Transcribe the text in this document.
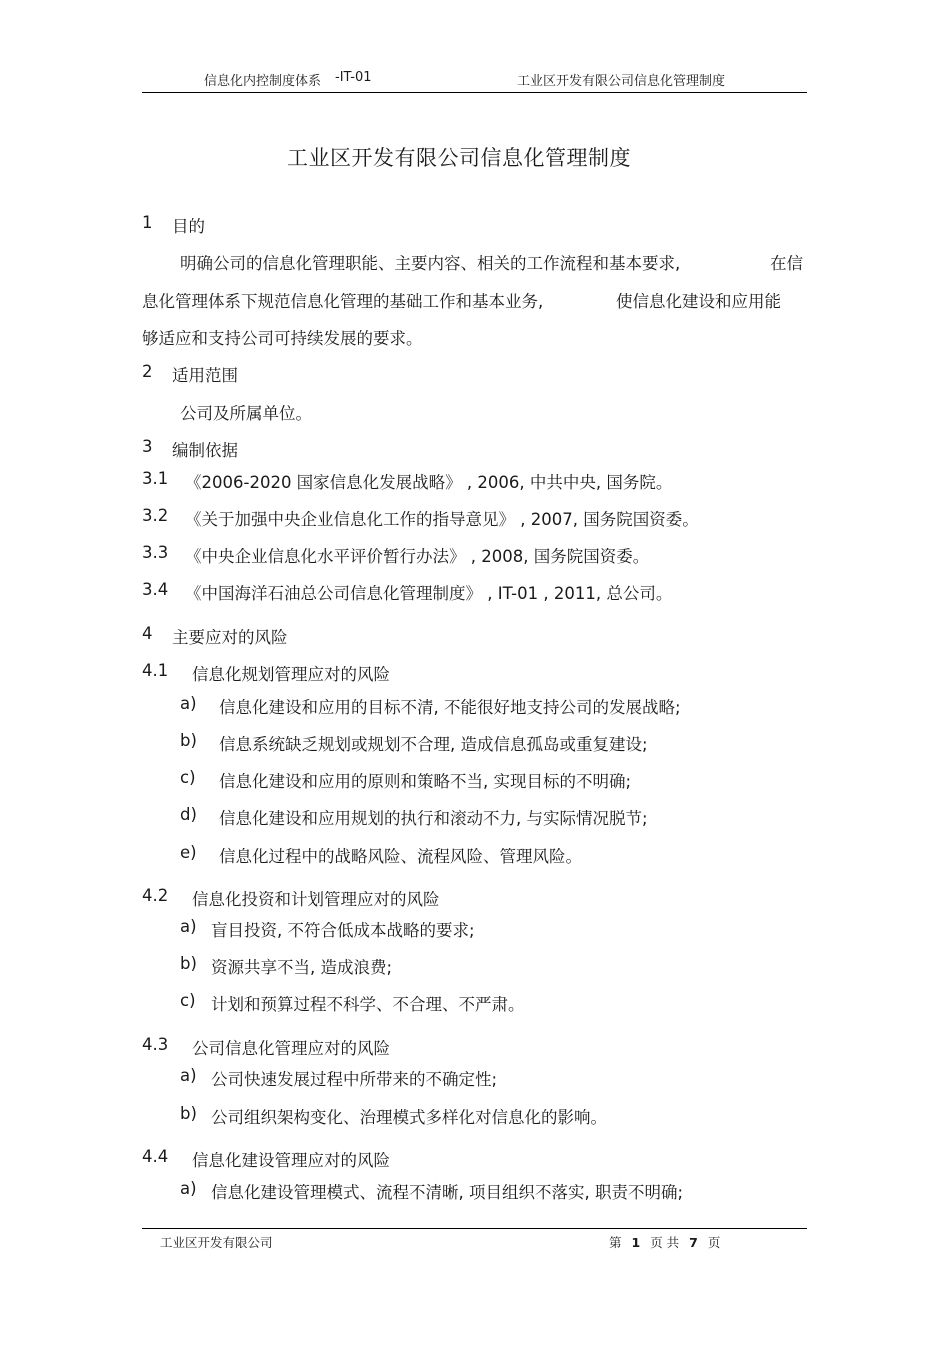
信息化内控制度体系 -IT-01	工业区开发有限公司信息化管理制度
工业区开发有限公司信息化管理制度
1 目的
明确公司的信息化管理职能、主要内容、相关的工作流程和基本要求,	在信
息化管理体系下规范信息化管理的基础工作和基本业务,	使信息化建设和应用能
够适应和支持公司可持续发展的要求。
2 适用范围
公司及所属单位。
3 编制依据
3.1 《2006-2020 国家信息化发展战略》 , 2006, 中共中央, 国务院。
3.2 《关于加强中央企业信息化工作的指导意见》 , 2007, 国务院国资委。
3.3 《中央企业信息化水平评价暂行办法》 , 2008, 国务院国资委。
3.4 《中国海洋石油总公司信息化管理制度》 , IT-01 , 2011, 总公司。
4 主要应对的风险
4.1 信息化规划管理应对的风险
a) 信息化建设和应用的目标不清, 不能很好地支持公司的发展战略;
b) 信息系统缺乏规划或规划不合理, 造成信息孤岛或重复建设;
c) 信息化建设和应用的原则和策略不当, 实现目标的不明确;
d) 信息化建设和应用规划的执行和滚动不力, 与实际情况脱节;
e) 信息化过程中的战略风险、流程风险、管理风险。
4.2 信息化投资和计划管理应对的风险
a) 盲目投资, 不符合低成本战略的要求;
b) 资源共享不当, 造成浪费;
c) 计划和预算过程不科学、不合理、不严肃。
4.3 公司信息化管理应对的风险
a) 公司快速发展过程中所带来的不确定性;
b) 公司组织架构变化、治理模式多样化对信息化的影响。
4.4 信息化建设管理应对的风险
a) 信息化建设管理模式、流程不清晰, 项目组织不落实, 职责不明确;
工业区开发有限公司	第 1 页 共 7 页
